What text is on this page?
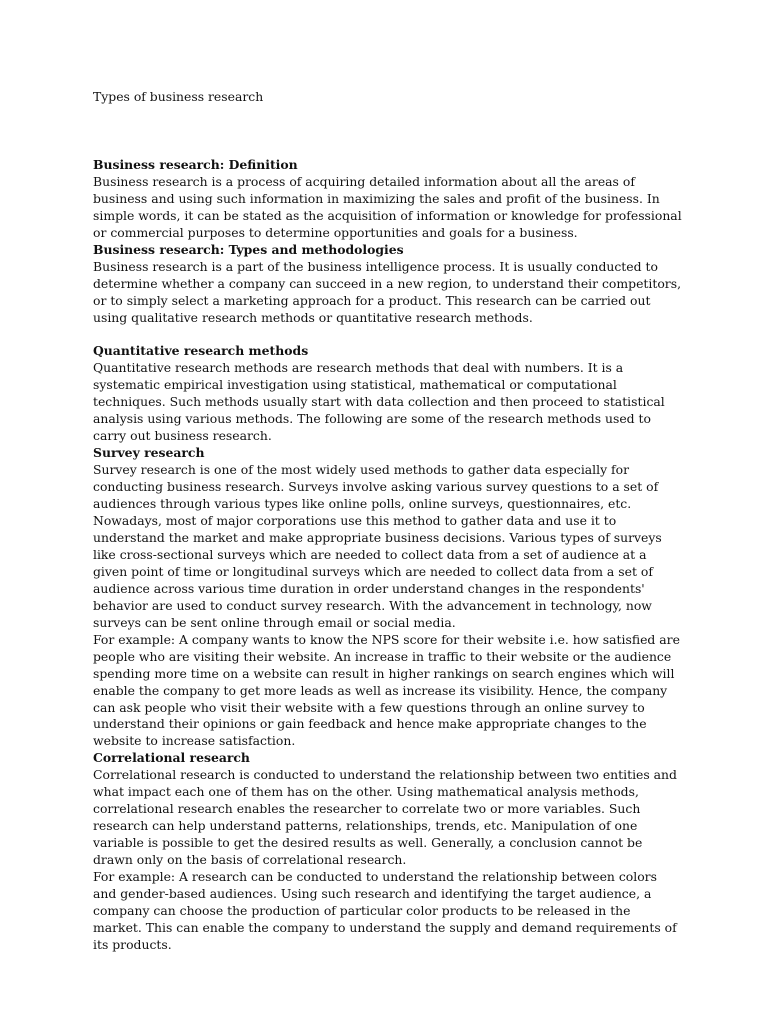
Types of business research

Business research: Definition

Business research is a process of acquiring detailed information about all the areas of business and using such information in maximizing the sales and profit of the business. In simple words, it can be stated as the acquisition of information or knowledge for professional or commercial purposes to determine opportunities and goals for a business.

Business research: Types and methodologies

Business research is a part of the business intelligence process. It is usually conducted to determine whether a company can succeed in a new region, to understand their competitors, or to simply select a marketing approach for a product. This research can be carried out using qualitative research methods or quantitative research methods.

Quantitative research methods

Quantitative research methods are research methods that deal with numbers. It is a systematic empirical investigation using statistical, mathematical or computational techniques. Such methods usually start with data collection and then proceed to statistical analysis using various methods. The following are some of the research methods used to carry out business research.

Survey research

Survey research is one of the most widely used methods to gather data especially for conducting business research. Surveys involve asking various survey questions to a set of audiences through various types like online polls, online surveys, questionnaires, etc. Nowadays, most of major corporations use this method to gather data and use it to understand the market and make appropriate business decisions. Various types of surveys like cross-sectional surveys which are needed to collect data from a set of audience at a given point of time or longitudinal surveys which are needed to collect data from a set of audience across various time duration in order understand changes in the respondents' behavior are used to conduct survey research. With the advancement in technology, now surveys can be sent online through email or social media.

For example: A company wants to know the NPS score for their website i.e. how satisfied are people who are visiting their website. An increase in traffic to their website or the audience spending more time on a website can result in higher rankings on search engines which will enable the company to get more leads as well as increase its visibility. Hence, the company can ask people who visit their website with a few questions through an online survey to understand their opinions or gain feedback and hence make appropriate changes to the website to increase satisfaction.

Correlational research

Correlational research is conducted to understand the relationship between two entities and what impact each one of them has on the other. Using mathematical analysis methods, correlational research enables the researcher to correlate two or more variables. Such research can help understand patterns, relationships, trends, etc. Manipulation of one variable is possible to get the desired results as well. Generally, a conclusion cannot be drawn only on the basis of correlational research.

For example: A research can be conducted to understand the relationship between colors and gender-based audiences. Using such research and identifying the target audience, a company can choose the production of particular color products to be released in the market. This can enable the company to understand the supply and demand requirements of its products.
